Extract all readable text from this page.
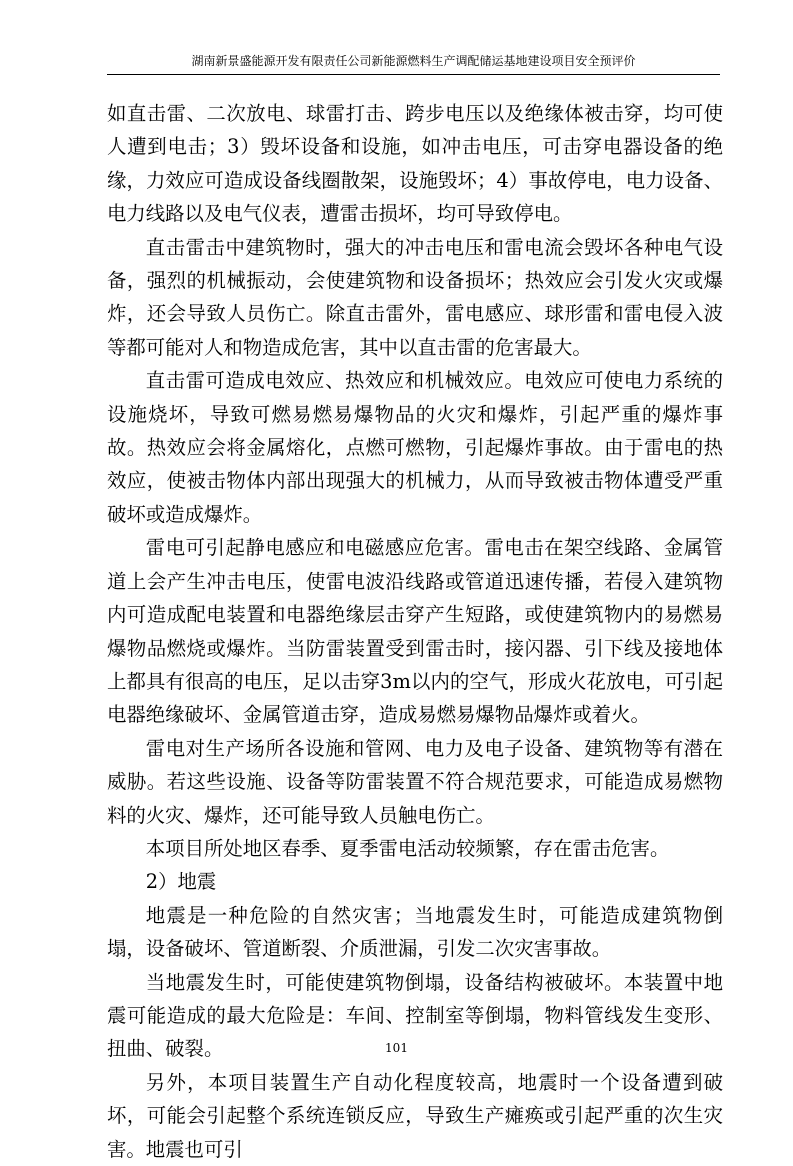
湖南新景盛能源开发有限责任公司新能源燃料生产调配储运基地建设项目安全预评价

如直击雷、二次放电、球雷打击、跨步电压以及绝缘体被击穿，均可使人遭到电击；3）毁坏设备和设施，如冲击电压，可击穿电器设备的绝缘，力效应可造成设备线圈散架，设施毁坏；4）事故停电，电力设备、电力线路以及电气仪表，遭雷击损坏，均可导致停电。

直击雷击中建筑物时，强大的冲击电压和雷电流会毁坏各种电气设备，强烈的机械振动，会使建筑物和设备损坏；热效应会引发火灾或爆炸，还会导致人员伤亡。除直击雷外，雷电感应、球形雷和雷电侵入波等都可能对人和物造成危害，其中以直击雷的危害最大。

直击雷可造成电效应、热效应和机械效应。电效应可使电力系统的设施烧坏，导致可燃易燃易爆物品的火灾和爆炸，引起严重的爆炸事故。热效应会将金属熔化，点燃可燃物，引起爆炸事故。由于雷电的热效应，使被击物体内部出现强大的机械力，从而导致被击物体遭受严重破坏或造成爆炸。

雷电可引起静电感应和电磁感应危害。雷电击在架空线路、金属管道上会产生冲击电压，使雷电波沿线路或管道迅速传播，若侵入建筑物内可造成配电装置和电器绝缘层击穿产生短路，或使建筑物内的易燃易爆物品燃烧或爆炸。当防雷装置受到雷击时，接闪器、引下线及接地体上都具有很高的电压，足以击穿3m以内的空气，形成火花放电，可引起电器绝缘破坏、金属管道击穿，造成易燃易爆物品爆炸或着火。

雷电对生产场所各设施和管网、电力及电子设备、建筑物等有潜在威胁。若这些设施、设备等防雷装置不符合规范要求，可能造成易燃物料的火灾、爆炸，还可能导致人员触电伤亡。

本项目所处地区春季、夏季雷电活动较频繁，存在雷击危害。

2）地震

地震是一种危险的自然灾害；当地震发生时，可能造成建筑物倒塌，设备破坏、管道断裂、介质泄漏，引发二次灾害事故。

当地震发生时，可能使建筑物倒塌，设备结构被破坏。本装置中地震可能造成的最大危险是：车间、控制室等倒塌，物料管线发生变形、扭曲、破裂。

另外，本项目装置生产自动化程度较高，地震时一个设备遭到破坏，可能会引起整个系统连锁反应，导致生产瘫痪或引起严重的次生灾害。地震也可引

101
